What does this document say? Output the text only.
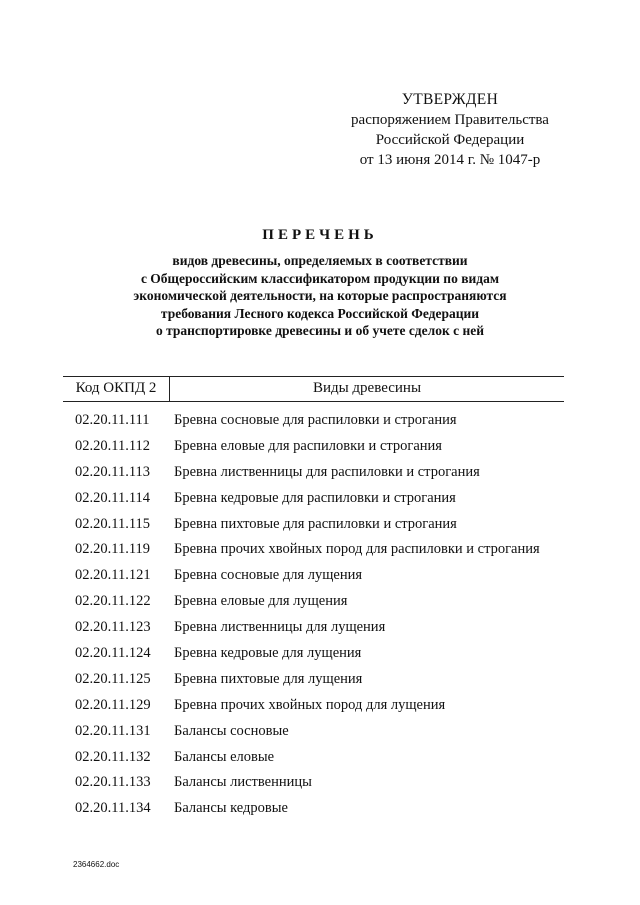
УТВЕРЖДЕН
распоряжением Правительства
Российской Федерации
от 13 июня 2014 г. № 1047-р
ПЕРЕЧЕНЬ
видов древесины, определяемых в соответствии
с Общероссийским классификатором продукции по видам
экономической деятельности, на которые распространяются
требования Лесного кодекса Российской Федерации
о транспортировке древесины и об учете сделок с ней
Код ОКПД 2	Виды древесины
02.20.11.111 Бревна сосновые для распиловки и строгания
02.20.11.112 Бревна еловые для распиловки и строгания
02.20.11.113 Бревна лиственницы для распиловки и строгания
02.20.11.114 Бревна кедровые для распиловки и строгания
02.20.11.115 Бревна пихтовые для распиловки и строгания
02.20.11.119 Бревна прочих хвойных пород для распиловки и строгания
02.20.11.121 Бревна сосновые для лущения
02.20.11.122 Бревна еловые для лущения
02.20.11.123 Бревна лиственницы для лущения
02.20.11.124 Бревна кедровые для лущения
02.20.11.125 Бревна пихтовые для лущения
02.20.11.129 Бревна прочих хвойных пород для лущения
02.20.11.131 Балансы сосновые
02.20.11.132 Балансы еловые
02.20.11.133 Балансы лиственницы
02.20.11.134 Балансы кедровые
2364662.doc
